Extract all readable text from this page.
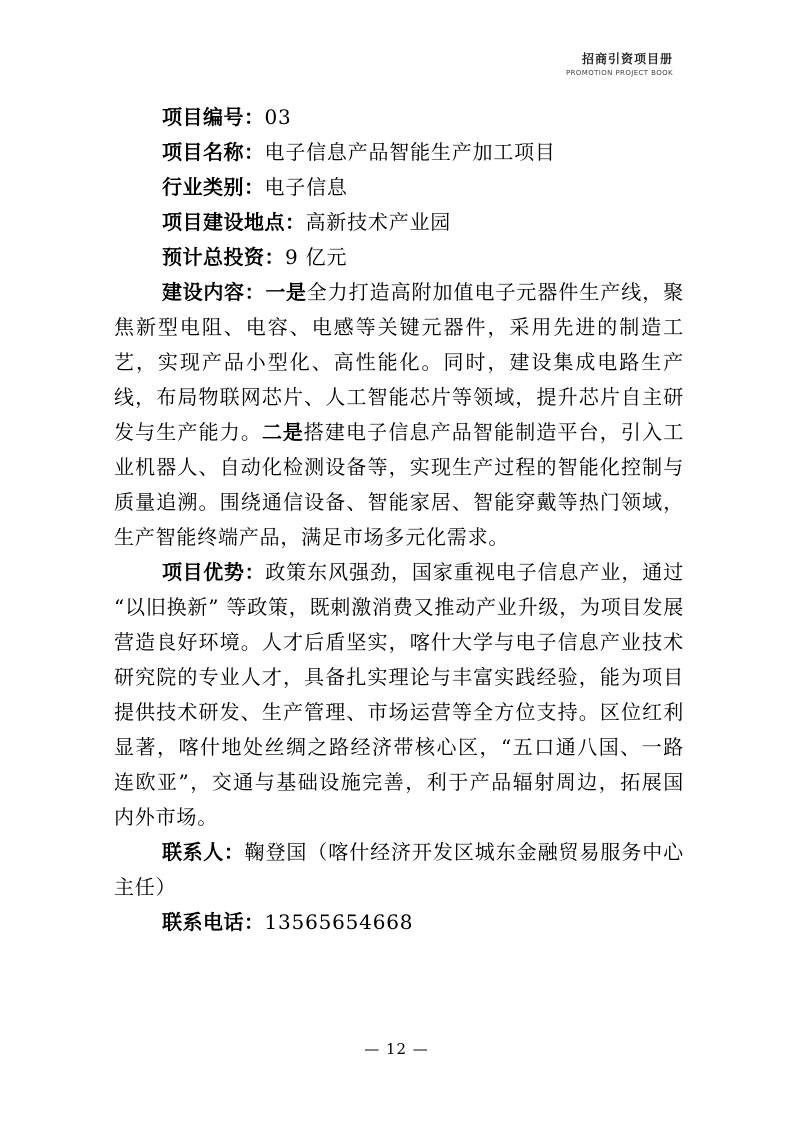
招商引资项目册
PROMOTION PROJECT BOOK

项目编号：03

项目名称：电子信息产品智能生产加工项目

行业类别：电子信息

项目建设地点：高新技术产业园

预计总投资：9 亿元

建设内容：一是全力打造高附加值电子元器件生产线，聚焦新型电阻、电容、电感等关键元器件，采用先进的制造工艺，实现产品小型化、高性能化。同时，建设集成电路生产线，布局物联网芯片、人工智能芯片等领域，提升芯片自主研发与生产能力。二是搭建电子信息产品智能制造平台，引入工业机器人、自动化检测设备等，实现生产过程的智能化控制与质量追溯。围绕通信设备、智能家居、智能穿戴等热门领域，生产智能终端产品，满足市场多元化需求。

项目优势：政策东风强劲，国家重视电子信息产业，通过 “以旧换新” 等政策，既刺激消费又推动产业升级，为项目发展营造良好环境。人才后盾坚实，喀什大学与电子信息产业技术研究院的专业人才，具备扎实理论与丰富实践经验，能为项目提供技术研发、生产管理、市场运营等全方位支持。区位红利显著，喀什地处丝绸之路经济带核心区，“五口通八国、一路连欧亚”，交通与基础设施完善，利于产品辐射周边，拓展国内外市场。

联系人：鞠登国（喀什经济开发区城东金融贸易服务中心主任）

联系电话：13565654668

— 12 —
